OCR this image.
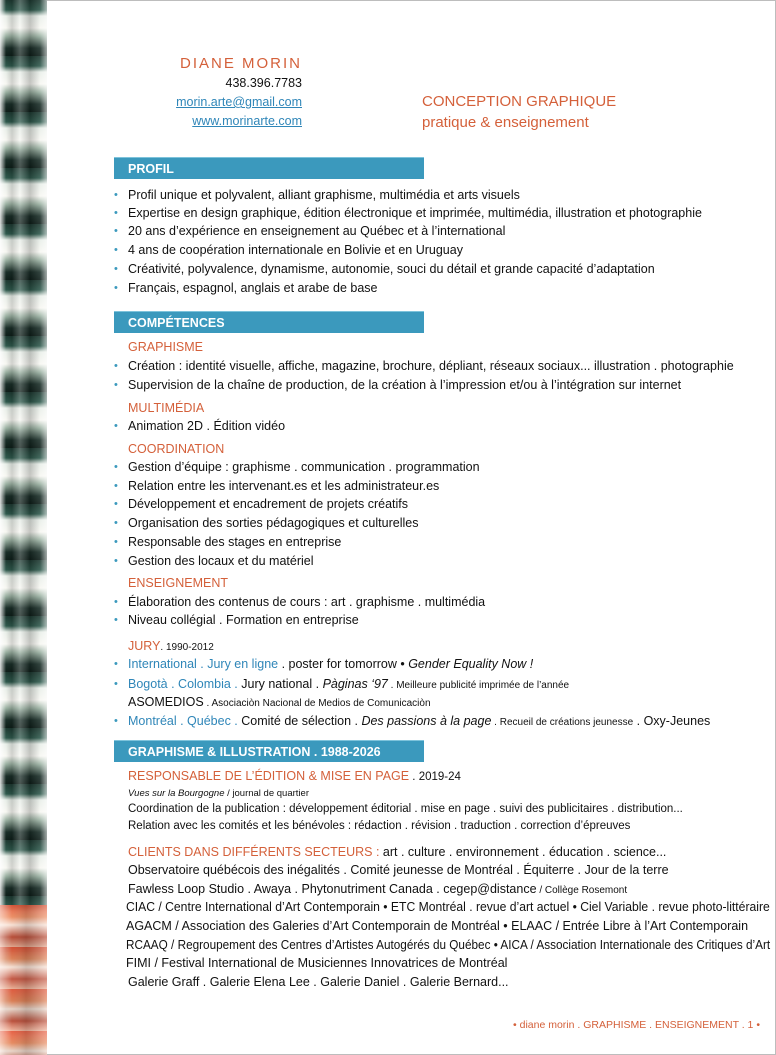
DIANE MORIN
438.396.7783
morin.arte@gmail.com
www.morinarte.com
CONCEPTION GRAPHIQUE
pratique & enseignement
PROFIL
• Profil unique et polyvalent, alliant graphisme, multimédia et arts visuels
• Expertise en design graphique, édition électronique et imprimée, multimédia, illustration et photographie
• 20 ans d’expérience en enseignement au Québec et à l’international
• 4 ans de coopération internationale en Bolivie et en Uruguay
• Créativité, polyvalence, dynamisme, autonomie, souci du détail et grande capacité d’adaptation
• Français, espagnol, anglais et arabe de base
COMPÉTENCES
GRAPHISME
• Création : identité visuelle, affiche, magazine, brochure, dépliant, réseaux sociaux... illustration . photographie
• Supervision de la chaîne de production, de la création à l’impression et/ou à l’intégration sur internet
MULTIMÉDIA
• Animation 2D . Édition vidéo
COORDINATION
• Gestion d’équipe : graphisme . communication . programmation
• Relation entre les intervenant.es et les administrateur.es
• Développement et encadrement de projets créatifs
• Organisation des sorties pédagogiques et culturelles
• Responsable des stages en entreprise
• Gestion des locaux et du matériel
ENSEIGNEMENT
• Élaboration des contenus de cours : art . graphisme . multimédia
• Niveau collégial . Formation en entreprise
JURY. 1990-2012
• International . Jury en ligne . poster for tomorrow • Gender Equality Now !
• Bogotà . Colombia . Jury national . Pàginas ‘97 . Meilleure publicité imprimée de l’année
ASOMEDIOS . Asociaciòn Nacional de Medios de Comunicaciòn
• Montréal . Québec . Comité de sélection . Des passions à la page . Recueil de créations jeunesse . Oxy-Jeunes
GRAPHISME & ILLUSTRATION . 1988-2026
RESPONSABLE DE L’ÉDITION & MISE EN PAGE . 2019-24
Vues sur la Bourgogne / journal de quartier
Coordination de la publication : développement éditorial . mise en page . suivi des publicitaires . distribution...
Relation avec les comités et les bénévoles : rédaction . révision . traduction . correction d’épreuves
CLIENTS DANS DIFFÉRENTS SECTEURS : art . culture . environnement . éducation . science...
Observatoire québécois des inégalités . Comité jeunesse de Montréal . Équiterre . Jour de la terre
Fawless Loop Studio . Awaya . Phytonutriment Canada . cegep@distance / Collège Rosemont
CIAC / Centre International d’Art Contemporain • ETC Montréal . revue d’art actuel • Ciel Variable . revue photo-littéraire
AGACM / Association des Galeries d’Art Contemporain de Montréal • ELAAC / Entrée Libre à l’Art Contemporain
RCAAQ / Regroupement des Centres d’Artistes Autogérés du Québec • AICA / Association Internationale des Critiques d’Art
FIMI / Festival International de Musiciennes Innovatrices de Montréal
Galerie Graff . Galerie Elena Lee . Galerie Daniel . Galerie Bernard...
• diane morin . GRAPHISME . ENSEIGNEMENT . 1 •
